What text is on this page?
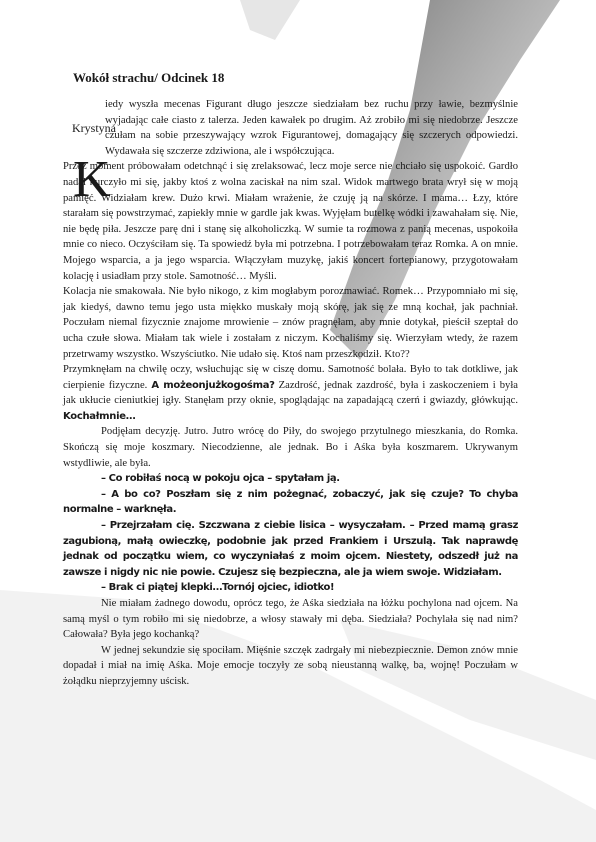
Wokół strachu/ Odcinek 18
Krystyna
K

iedy wyszła mecenas Figurant długo jeszcze siedziałam bez ruchu przy ławie, bezmyślnie wyjadając całe ciasto z talerza. Jeden kawałek po drugim. Aż zrobiło mi się niedobrze. Jeszcze czułam na sobie przeszywający wzrok Figurantowej, domagający się szczerych odpowiedzi. Wydawała się szczerze zdziwiona, ale i współczująca.

Przez moment próbowałam odetchnąć i się zrelaksować, lecz moje serce nie chciało się uspokoić. Gardło nadal kurczyło mi się, jakby ktoś z wolna zaciskał na nim szal. Widok martwego brata wrył się w moją pamięć. Widziałam krew. Dużo krwi. Miałam wrażenie, że czuję ją na skórze. I mama… Łzy, które starałam się powstrzymać, zapiekły mnie w gardle jak kwas. Wyjęłam butelkę wódki i zawahałam się. Nie, nie będę piła. Jeszcze parę dni i stanę się alkoholiczką. W sumie ta rozmowa z panią mecenas, uspokoiła mnie co nieco. Oczyściłam się. Ta spowiedź była mi potrzebna. I potrzebowałam teraz Romka. A on mnie. Mojego wsparcia, a ja jego wsparcia. Włączyłam muzykę, jakiś koncert fortepianowy, przygotowałam kolację i usiadłam przy stole. Samotność… Myśli.

Kolacja nie smakowała. Nie było nikogo, z kim mogłabym porozmawiać. Romek… Przypomniało mi się, jak kiedyś, dawno temu jego usta miękko muskały moją skórę, jak się ze mną kochał, jak pachniał. Poczułam niemal fizycznie znajome mrowienie – znów pragnęłam, aby mnie dotykał, pieścił szeptał do ucha czułe słowa. Miałam tak wiele i zostałam z niczym. Kochaliśmy się. Wierzyłam wtedy, że razem przetrwamy wszystko. Wszyściutko. Nie udało się. Ktoś nam przeszkodził. Kto??

Przymknęłam na chwilę oczy, wsłuchując się w ciszę domu. Samotność bolała. Było to tak dotkliwe, jak cierpienie fizyczne. A możeonjużkogośma? Zazdrość, jednak zazdrość, była i zaskoczeniem i była jak ukłucie cieniutkiej igły. Stanęłam przy oknie, spoglądając na zapadającą czerń i gwiazdy, główkując. Kochałmnie…

Podjęłam decyzję. Jutro. Jutro wrócę do Piły, do swojego przytulnego mieszkania, do Romka. Skończą się moje koszmary. Niecodzienne, ale jednak. Bo i Aśka była koszmarem. Ukrywanym wstydliwie, ale była.

– Co robiłaś nocą w pokoju ojca – spytałam ją.

– A bo co? Poszłam się z nim pożegnać, zobaczyć, jak się czuje? To chyba normalne – warknęła.

– Przejrzałam cię. Szczwana z ciebie lisica – wysyczałam. – Przed mamą grasz zagubioną, małą owieczkę, podobnie jak przed Frankiem i Urszulą. Tak naprawdę jednak od początku wiem, co wyczyniałaś z moim ojcem. Niestety, odszedł już na zawsze i nigdy nic nie powie. Czujesz się bezpieczna, ale ja wiem swoje. Widziałam.

– Brak ci piątej klepki…Tornój ojciec, idiotko!

Nie miałam żadnego dowodu, oprócz tego, że Aśka siedziała na łóżku pochylona nad ojcem. Na samą myśl o tym robiło mi się niedobrze, a włosy stawały mi dęba. Siedziała? Pochylała się nad nim? Całowała? Była jego kochanką?

W jednej sekundzie się spociłam. Mięśnie szczęk zadrgały mi niebezpiecznie. Demon znów mnie dopadał i miał na imię Aśka. Moje emocje toczyły ze sobą nieustanną walkę, ba, wojnę! Poczułam w żołądku nieprzyjemny uścisk.
